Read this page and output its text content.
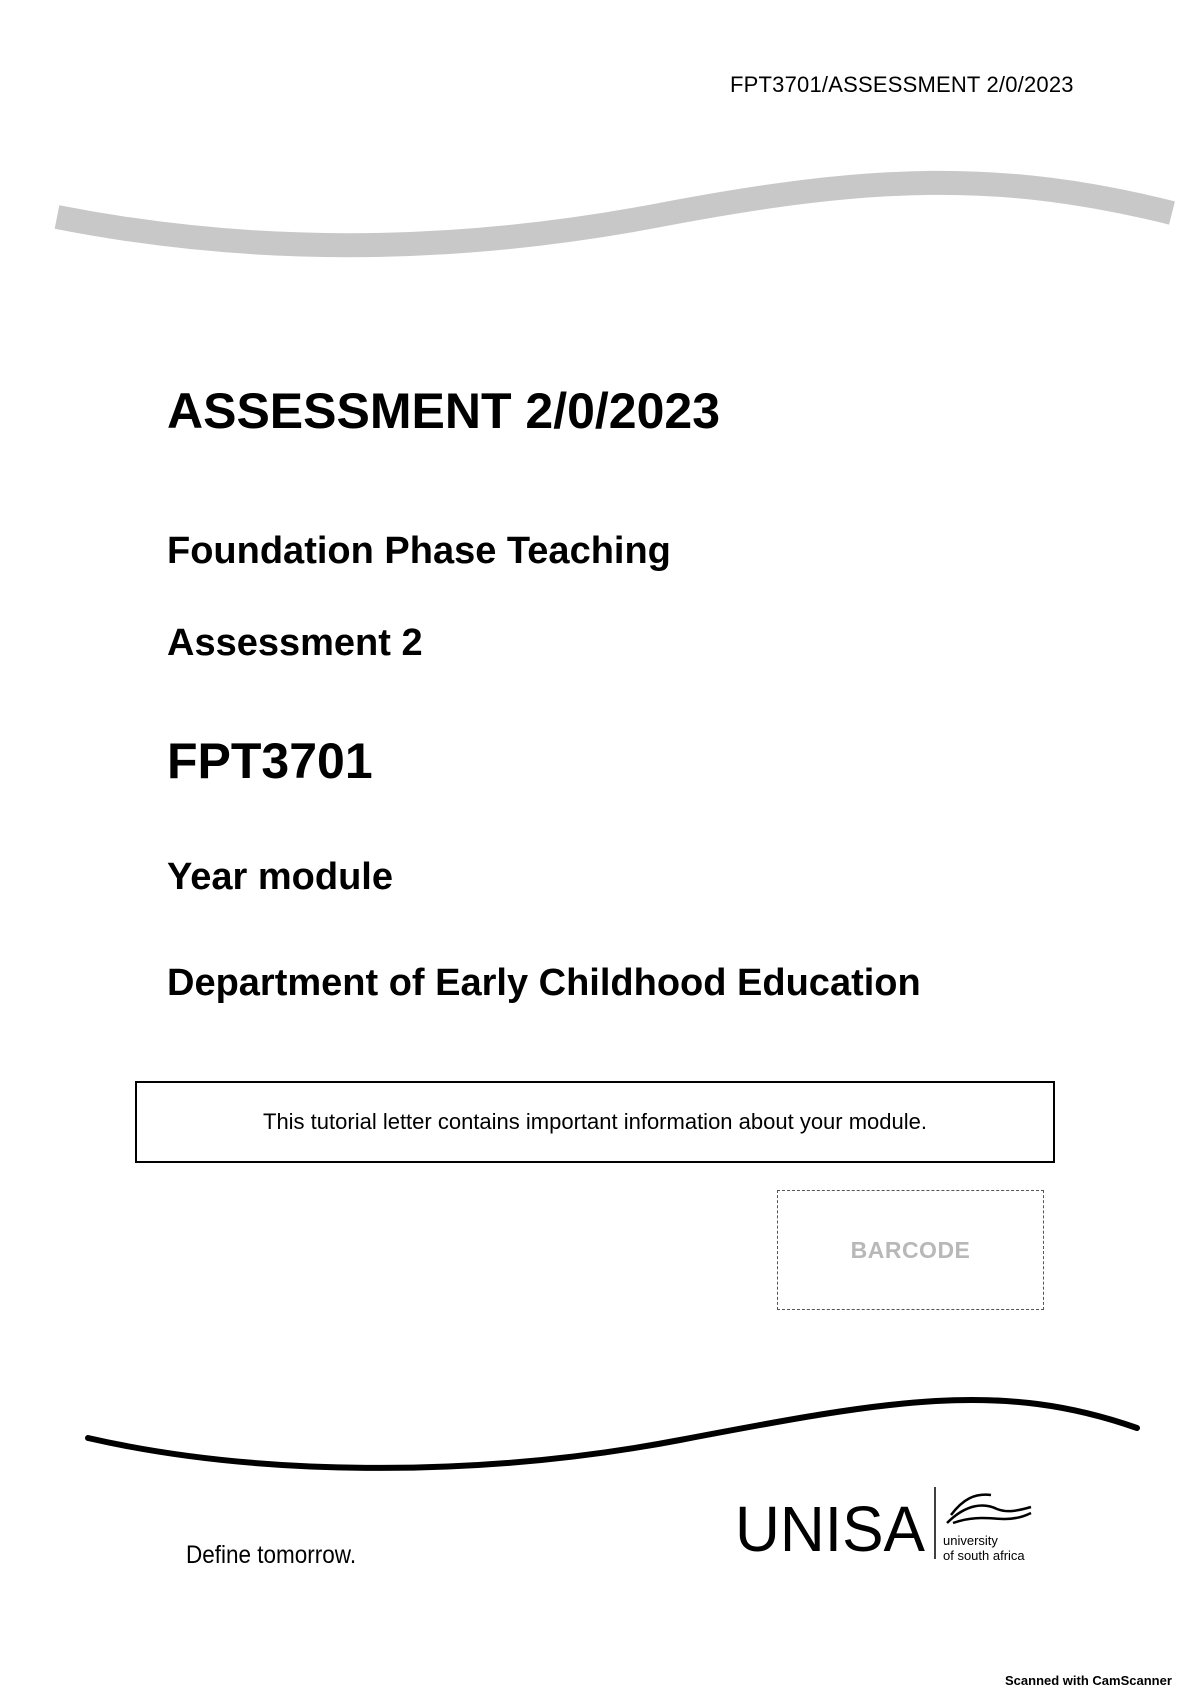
FPT3701/ASSESSMENT 2/0/2023
ASSESSMENT 2/0/2023
Foundation Phase Teaching
Assessment 2
FPT3701
Year module
Department of Early Childhood Education
This tutorial letter contains important information about your module.
BARCODE
Define tomorrow.	UNISA university
of south africa
Scanned with CamScanner
